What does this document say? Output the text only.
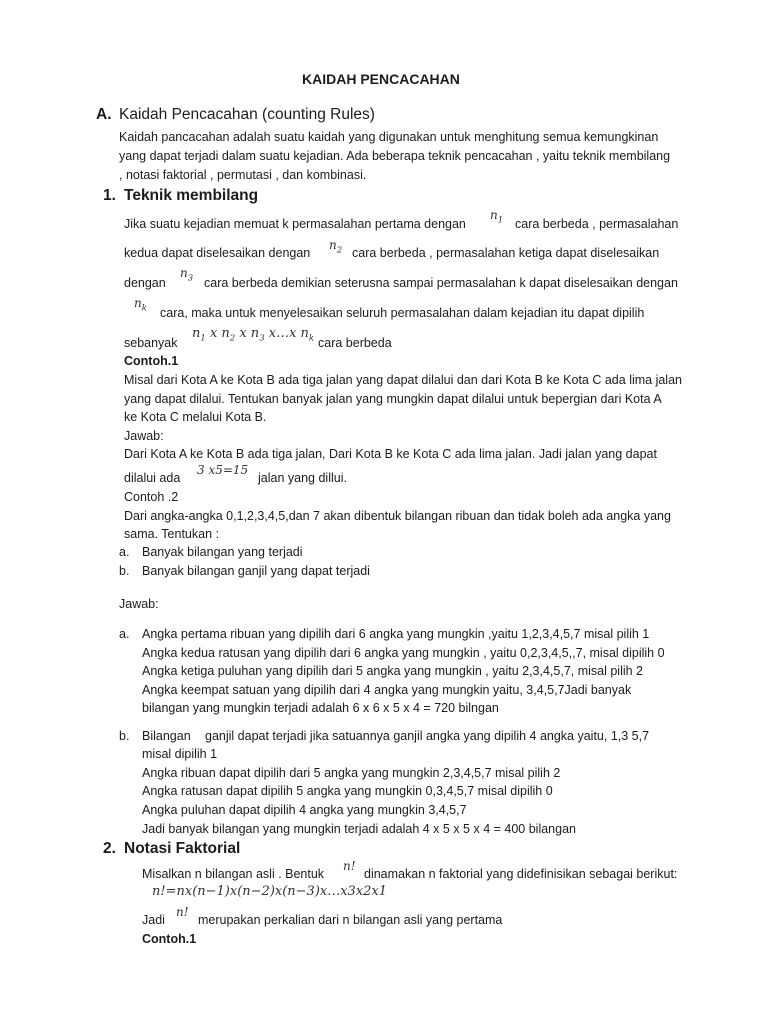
KAIDAH PENCACAHAN
A. Kaidah Pencacahan (counting Rules)
Kaidah pancacahan adalah suatu kaidah yang digunakan untuk menghitung semua kemungkinan
yang dapat terjadi dalam suatu kejadian. Ada beberapa teknik pencacahan , yaitu teknik membilang
, notasi faktorial , permutasi , dan kombinasi.
1. Teknik membilang
Jika suatu kejadian memuat k permasalahan pertama dengan
$n_1$ cara berbeda , permasalahan
kedua dapat diselesaikan dengan
$n_2$ cara berbeda , permasalahan ketiga dapat diselesaikan
dengan
$n_3$ cara berbeda demikian seterusna sampai permasalahan k dapat diselesaikan dengan
$n_k$ cara, maka untuk menyelesaikan seluruh permasalahan dalam kejadian itu dapat dipilih
sebanyak
$n_1$ x $n_2$ x $n_3$ x…x $n_k$ cara berbeda
Contoh.1
Misal dari Kota A ke Kota B ada tiga jalan yang dapat dilalui dan dari Kota B ke Kota C ada lima jalan
yang dapat dilalui. Tentukan banyak jalan yang mungkin dapat dilalui untuk bepergian dari Kota A
ke Kota C melalui Kota B.
Jawab:
Dari Kota A ke Kota B ada tiga jalan, Dari Kota B ke Kota C ada lima jalan. Jadi jalan yang dapat
dilalui ada
3 x5=15
jalan yang dillui.
Contoh .2
Dari angka-angka 0,1,2,3,4,5,dan 7 akan dibentuk bilangan ribuan dan tidak boleh ada angka yang
sama. Tentukan :
a. Banyak bilangan yang terjadi
b. Banyak bilangan ganjil yang dapat terjadi
Jawab:
a. Angka pertama ribuan yang dipilih dari 6 angka yang mungkin ,yaitu 1,2,3,4,5,7 misal pilih 1
Angka kedua ratusan yang dipilih dari 6 angka yang mungkin , yaitu 0,2,3,4,5,,7, misal dipilih 0
Angka ketiga puluhan yang dipilih dari 5 angka yang mungkin , yaitu 2,3,4,5,7, misal pilih 2
Angka keempat satuan yang dipilih dari 4 angka yang mungkin yaitu, 3,4,5,7Jadi banyak
bilangan yang mungkin terjadi adalah 6 x 6 x 5 x 4 = 720 bilngan
b. Bilangan ganjil dapat terjadi jika satuannya ganjil angka yang dipilih 4 angka yaitu, 1,3 5,7
misal dipilih 1
Angka ribuan dapat dipilih dari 5 angka yang mungkin 2,3,4,5,7 misal pilih 2
Angka ratusan dapat dipilih 5 angka yang mungkin 0,3,4,5,7 misal dipilih 0
Angka puluhan dapat dipilih 4 angka yang mungkin 3,4,5,7
Jadi banyak bilangan yang mungkin terjadi adalah 4 x 5 x 5 x 4 = 400 bilangan
2. Notasi Faktorial
Misalkan n bilangan asli . Bentuk
n!
dinamakan n faktorial yang didefinisikan sebagai berikut:
n!=nx(n−1)x(n−2)x(n−3)x…x3x2x1
Jadi
n!
merupakan perkalian dari n bilangan asli yang pertama
Contoh.1
